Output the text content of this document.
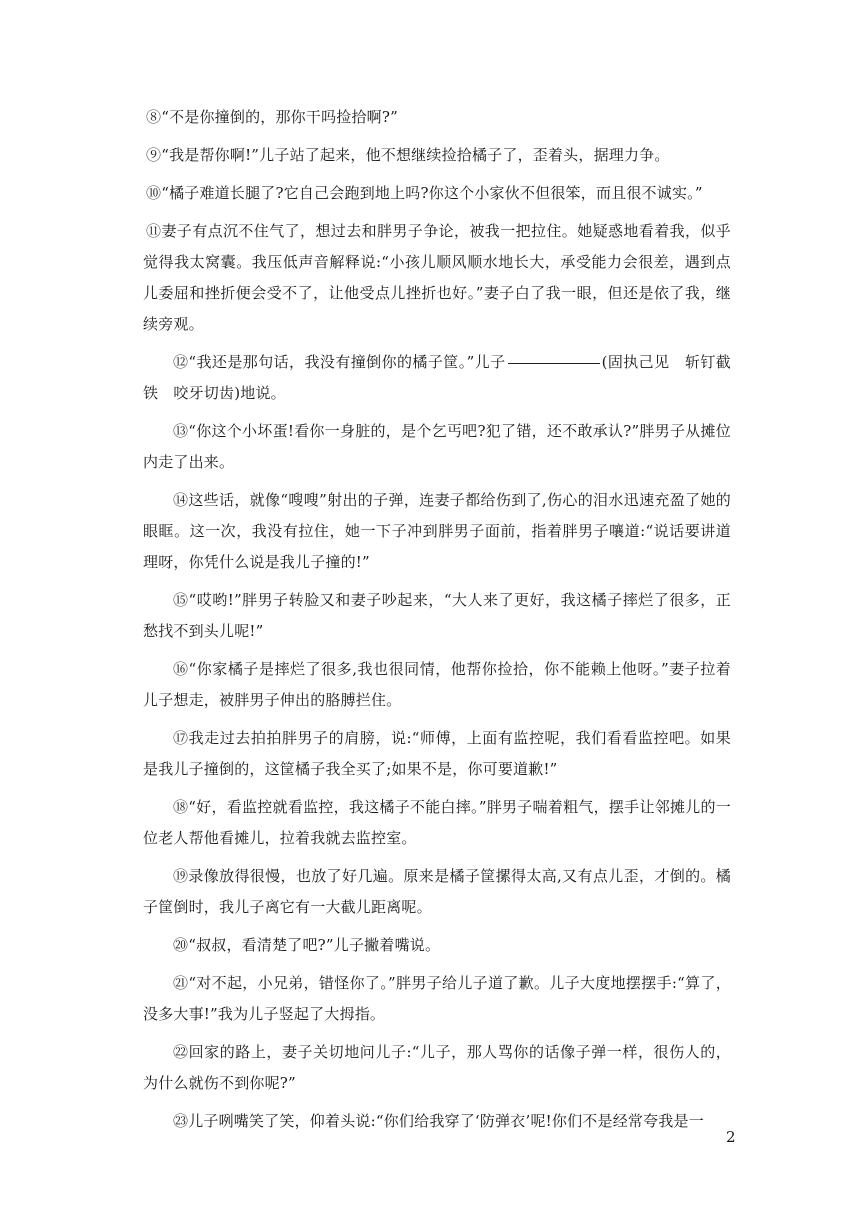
⑧“不是你撞倒的，那你干吗捡拾啊?”

⑨“我是帮你啊!”儿子站了起来，他不想继续捡拾橘子了，歪着头，据理力争。

⑩“橘子难道长腿了?它自己会跑到地上吗?你这个小家伙不但很笨，而且很不诚实。”

⑪妻子有点沉不住气了，想过去和胖男子争论，被我一把拉住。她疑惑地看着我，似乎觉得我太窝囊。我压低声音解释说:“小孩儿顺风顺水地长大，承受能力会很差，遇到点儿委屈和挫折便会受不了，让他受点儿挫折也好。”妻子白了我一眼，但还是依了我，继续旁观。

⑫“我还是那句话，我没有撞倒你的橘子筐。”儿子	(固执己见　斩钉截铁　咬牙切齿)地说。

⑬“你这个小坏蛋!看你一身脏的，是个乞丐吧?犯了错，还不敢承认?”胖男子从摊位内走了出来。

⑭这些话，就像“嗖嗖”射出的子弹，连妻子都给伤到了,伤心的泪水迅速充盈了她的眼眶。这一次，我没有拉住，她一下子冲到胖男子面前，指着胖男子嚷道:“说话要讲道理呀，你凭什么说是我儿子撞的!”

⑮“哎哟!”胖男子转脸又和妻子吵起来，“大人来了更好，我这橘子摔烂了很多，正愁找不到头儿呢!”

⑯“你家橘子是摔烂了很多,我也很同情，他帮你捡拾，你不能赖上他呀。”妻子拉着儿子想走，被胖男子伸出的胳膊拦住。

⑰我走过去拍拍胖男子的肩膀，说:“师傅，上面有监控呢，我们看看监控吧。如果是我儿子撞倒的，这筐橘子我全买了;如果不是，你可要道歉!”

⑱“好，看监控就看监控，我这橘子不能白摔。”胖男子喘着粗气，摆手让邻摊儿的一位老人帮他看摊儿，拉着我就去监控室。

⑲录像放得很慢，也放了好几遍。原来是橘子筐摞得太高,又有点儿歪，才倒的。橘子筐倒时，我儿子离它有一大截儿距离呢。

⑳“叔叔，看清楚了吧?”儿子撇着嘴说。

㉑“对不起，小兄弟，错怪你了。”胖男子给儿子道了歉。儿子大度地摆摆手:“算了，没多大事!”我为儿子竖起了大拇指。

㉒回家的路上，妻子关切地问儿子:“儿子，那人骂你的话像子弹一样，很伤人的，为什么就伤不到你呢?”

㉓儿子咧嘴笑了笑，仰着头说:“你们给我穿了‘防弹衣’呢!你们不是经常夸我是一

2
